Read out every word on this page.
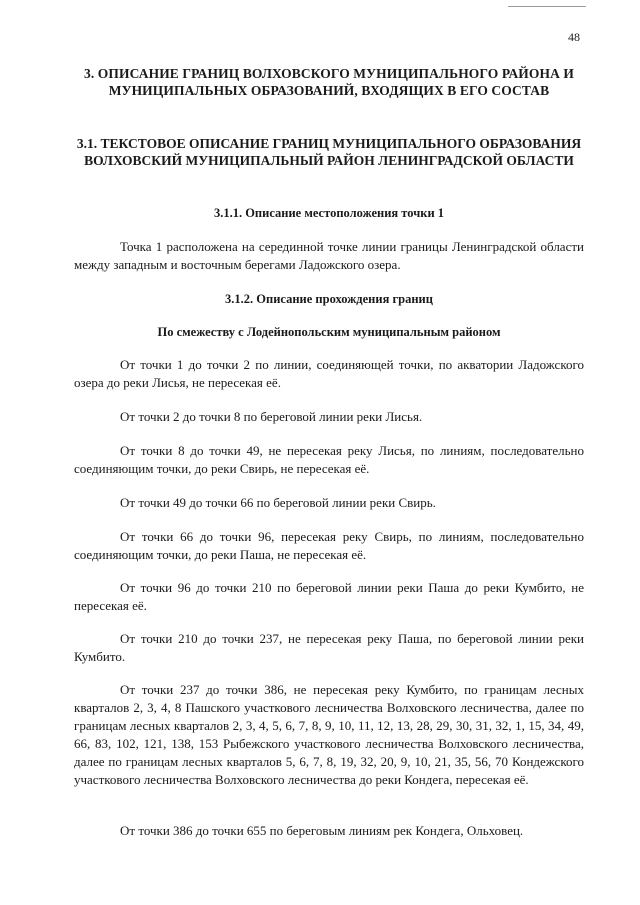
48
3. ОПИСАНИЕ ГРАНИЦ ВОЛХОВСКОГО МУНИЦИПАЛЬНОГО РАЙОНА И МУНИЦИПАЛЬНЫХ ОБРАЗОВАНИЙ, ВХОДЯЩИХ В ЕГО СОСТАВ
3.1. ТЕКСТОВОЕ ОПИСАНИЕ ГРАНИЦ МУНИЦИПАЛЬНОГО ОБРАЗОВАНИЯ ВОЛХОВСКИЙ МУНИЦИПАЛЬНЫЙ РАЙОН ЛЕНИНГРАДСКОЙ ОБЛАСТИ
3.1.1. Описание местоположения точки 1

Точка 1 расположена на серединной точке линии границы Ленинградской области между западным и восточным берегами Ладожского озера.

3.1.2. Описание прохождения границ
По смежеству с Лодейнопольским муниципальным районом

От точки 1 до точки 2 по линии, соединяющей точки, по акватории Ладожского озера до реки Лисья, не пересекая её.

От точки 2 до точки 8 по береговой линии реки Лисья.

От точки 8 до точки 49, не пересекая реку Лисья, по линиям, последовательно соединяющим точки, до реки Свирь, не пересекая её.

От точки 49 до точки 66 по береговой линии реки Свирь.

От точки 66 до точки 96, пересекая реку Свирь, по линиям, последовательно соединяющим точки, до реки Паша, не пересекая её.

От точки 96 до точки 210 по береговой линии реки Паша до реки Кумбито, не пересекая её.

От точки 210 до точки 237, не пересекая реку Паша, по береговой линии реки Кумбито.

От точки 237 до точки 386, не пересекая реку Кумбито, по границам лесных кварталов 2, 3, 4, 8 Пашского участкового лесничества Волховского лесничества, далее по границам лесных кварталов 2, 3, 4, 5, 6, 7, 8, 9, 10, 11, 12, 13, 28, 29, 30, 31, 32, 1, 15, 34, 49, 66, 83, 102, 121, 138, 153 Рыбежского участкового лесничества Волховского лесничества, далее по границам лесных кварталов 5, 6, 7, 8, 19, 32, 20, 9, 10, 21, 35, 56, 70 Кондежского участкового лесничества Волховского лесничества до реки Кондега, пересекая её.

От точки 386 до точки 655 по береговым линиям рек Кондега, Ольховец.
